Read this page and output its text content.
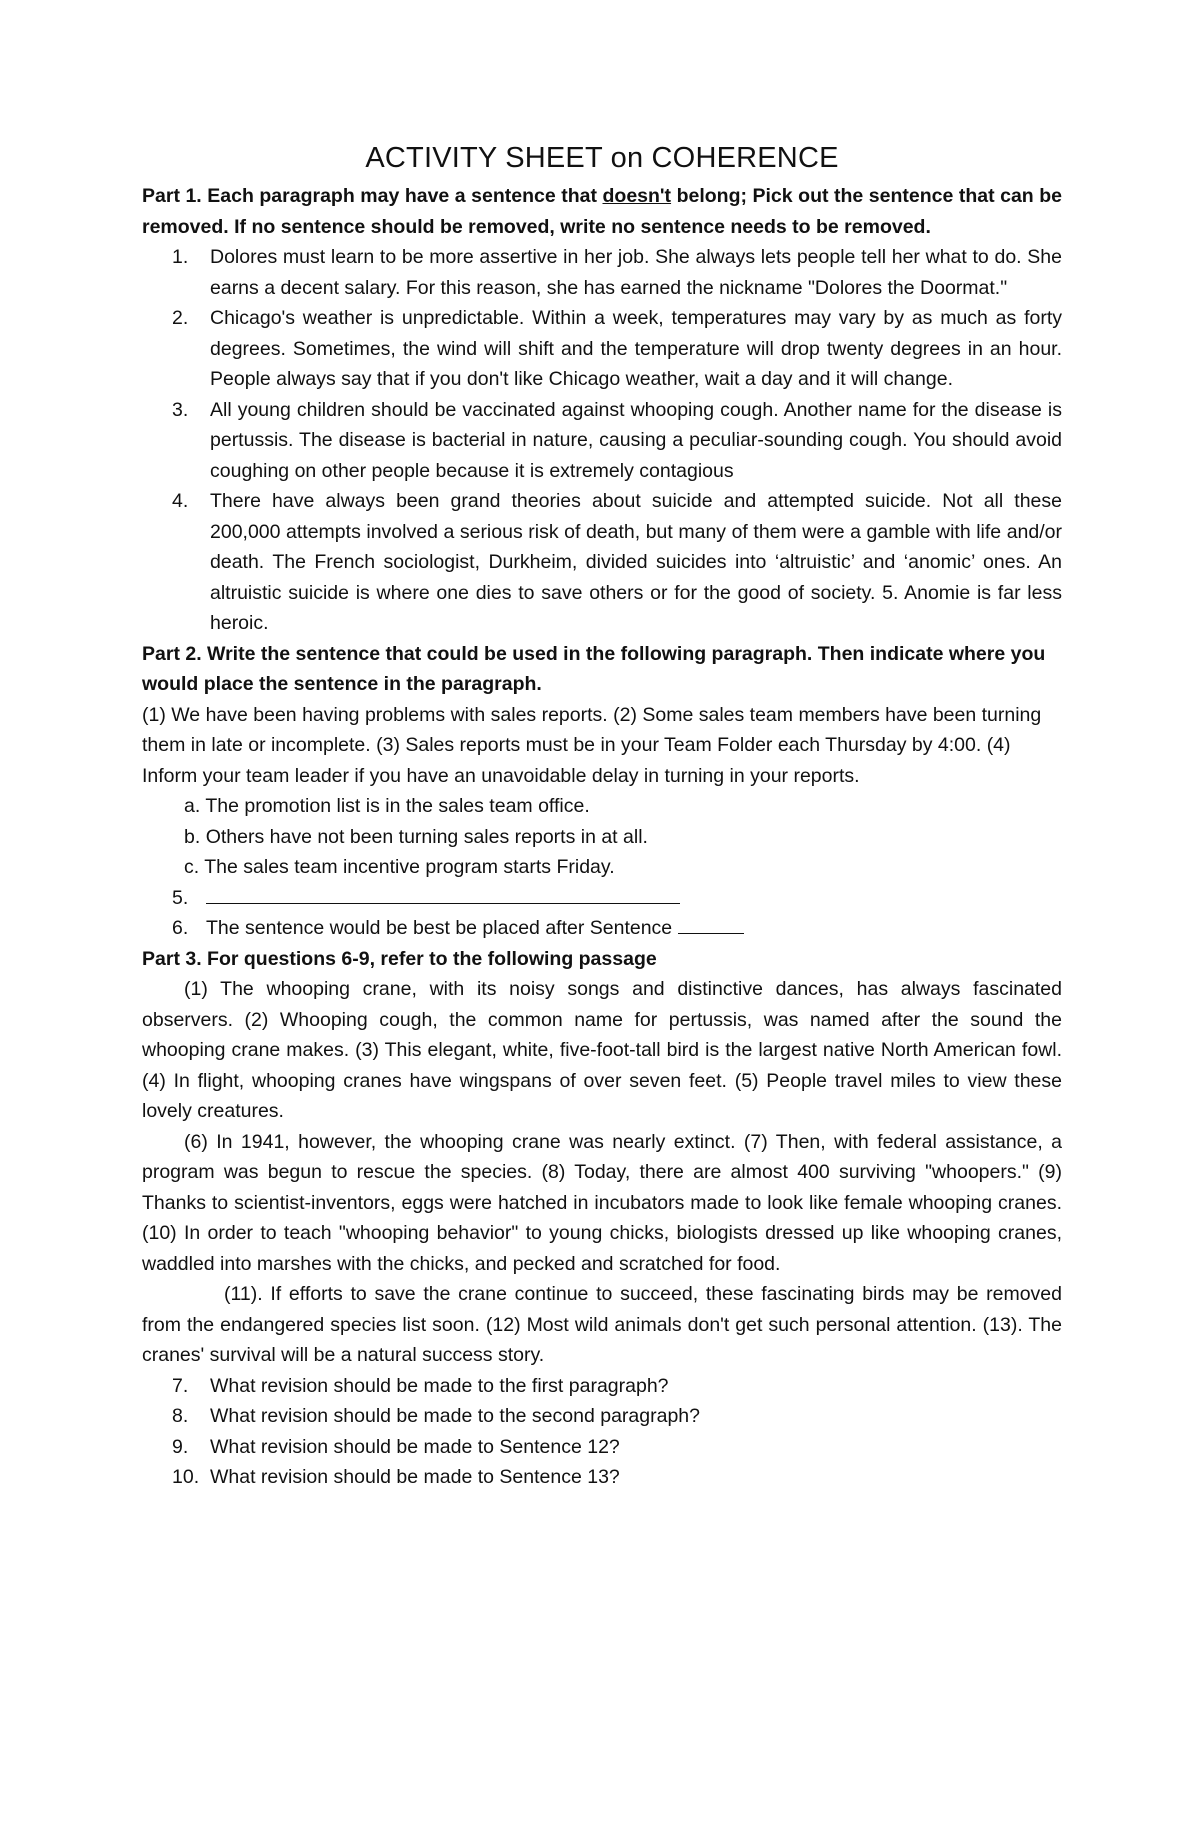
ACTIVITY SHEET on COHERENCE

Part 1. Each paragraph may have a sentence that doesn't belong; Pick out the sentence that can be removed. If no sentence should be removed, write no sentence needs to be removed.

1.	Dolores must learn to be more assertive in her job. She always lets people tell her what to do. She earns a decent salary. For this reason, she has earned the nickname "Dolores the Doormat."
2.	Chicago's weather is unpredictable. Within a week, temperatures may vary by as much as forty degrees. Sometimes, the wind will shift and the temperature will drop twenty degrees in an hour. People always say that if you don't like Chicago weather, wait a day and it will change.
3.	All young children should be vaccinated against whooping cough. Another name for the disease is pertussis. The disease is bacterial in nature, causing a peculiar-sounding cough. You should avoid coughing on other people because it is extremely contagious
4.	There have always been grand theories about suicide and attempted suicide. Not all these 200,000 attempts involved a serious risk of death, but many of them were a gamble with life and/or death. The French sociologist, Durkheim, divided suicides into ‘altruistic’ and ‘anomic’ ones. An altruistic suicide is where one dies to save others or for the good of society. 5. Anomie is far less heroic.

Part 2. Write the sentence that could be used in the following paragraph. Then indicate where you would place the sentence in the paragraph.

(1) We have been having problems with sales reports. (2) Some sales team members have been turning them in late or incomplete. (3) Sales reports must be in your Team Folder each Thursday by 4:00. (4) Inform your team leader if you have an unavoidable delay in turning in your reports.

a. The promotion list is in the sales team office.
b. Others have not been turning sales reports in at all.
c. The sales team incentive program starts Friday.
5.
6. The sentence would be best be placed after Sentence

Part 3. For questions 6-9, refer to the following passage

(1) The whooping crane, with its noisy songs and distinctive dances, has always fascinated observers. (2) Whooping cough, the common name for pertussis, was named after the sound the whooping crane makes. (3) This elegant, white, five-foot-tall bird is the largest native North American fowl. (4) In flight, whooping cranes have wingspans of over seven feet. (5) People travel miles to view these lovely creatures.

(6) In 1941, however, the whooping crane was nearly extinct. (7) Then, with federal assistance, a program was begun to rescue the species. (8) Today, there are almost 400 surviving "whoopers." (9) Thanks to scientist-inventors, eggs were hatched in incubators made to look like female whooping cranes. (10) In order to teach "whooping behavior" to young chicks, biologists dressed up like whooping cranes, waddled into marshes with the chicks, and pecked and scratched for food.

(11). If efforts to save the crane continue to succeed, these fascinating birds may be removed from the endangered species list soon. (12) Most wild animals don't get such personal attention. (13). The cranes' survival will be a natural success story.

7.	What revision should be made to the first paragraph?
8.	What revision should be made to the second paragraph?
9.	What revision should be made to Sentence 12?
10. What revision should be made to Sentence 13?
